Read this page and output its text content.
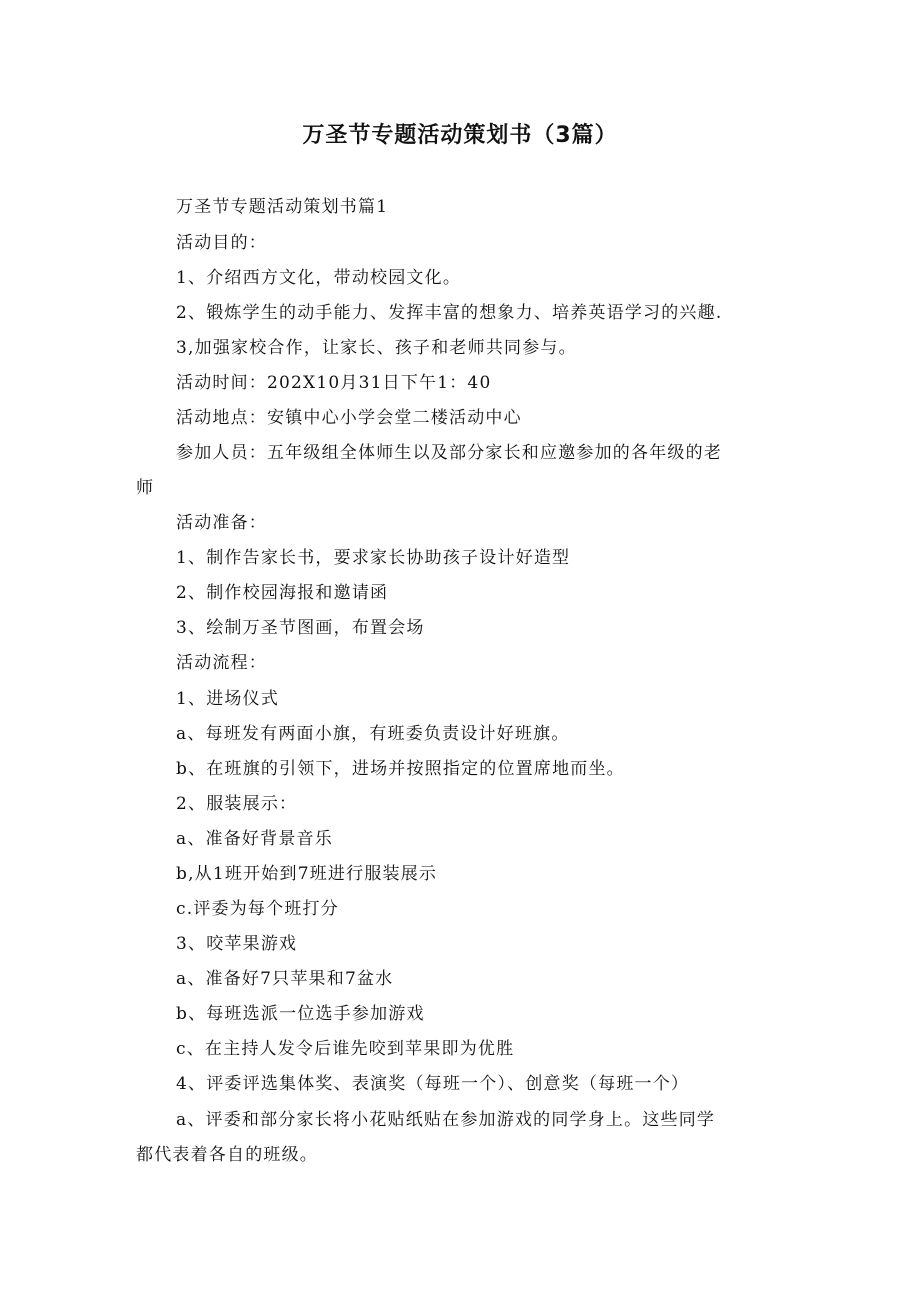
万圣节专题活动策划书（3篇）

万圣节专题活动策划书篇1

活动目的：

1、介绍西方文化，带动校园文化。

2、锻炼学生的动手能力、发挥丰富的想象力、培养英语学习的兴趣.

3,加强家校合作，让家长、孩子和老师共同参与。

活动时间：202X10月31日下午1：40

活动地点：安镇中心小学会堂二楼活动中心

参加人员：五年级组全体师生以及部分家长和应邀参加的各年级的老

师

活动准备：

1、制作告家长书，要求家长协助孩子设计好造型

2、制作校园海报和邀请函

3、绘制万圣节图画，布置会场

活动流程：

1、进场仪式

a、每班发有两面小旗，有班委负责设计好班旗。

b、在班旗的引领下，进场并按照指定的位置席地而坐。

2、服装展示：

a、准备好背景音乐

b,从1班开始到7班进行服装展示

c.评委为每个班打分

3、咬苹果游戏

a、准备好7只苹果和7盆水

b、每班选派一位选手参加游戏

c、在主持人发令后谁先咬到苹果即为优胜

4、评委评选集体奖、表演奖（每班一个）、创意奖（每班一个）

a、评委和部分家长将小花贴纸贴在参加游戏的同学身上。这些同学

都代表着各自的班级。
